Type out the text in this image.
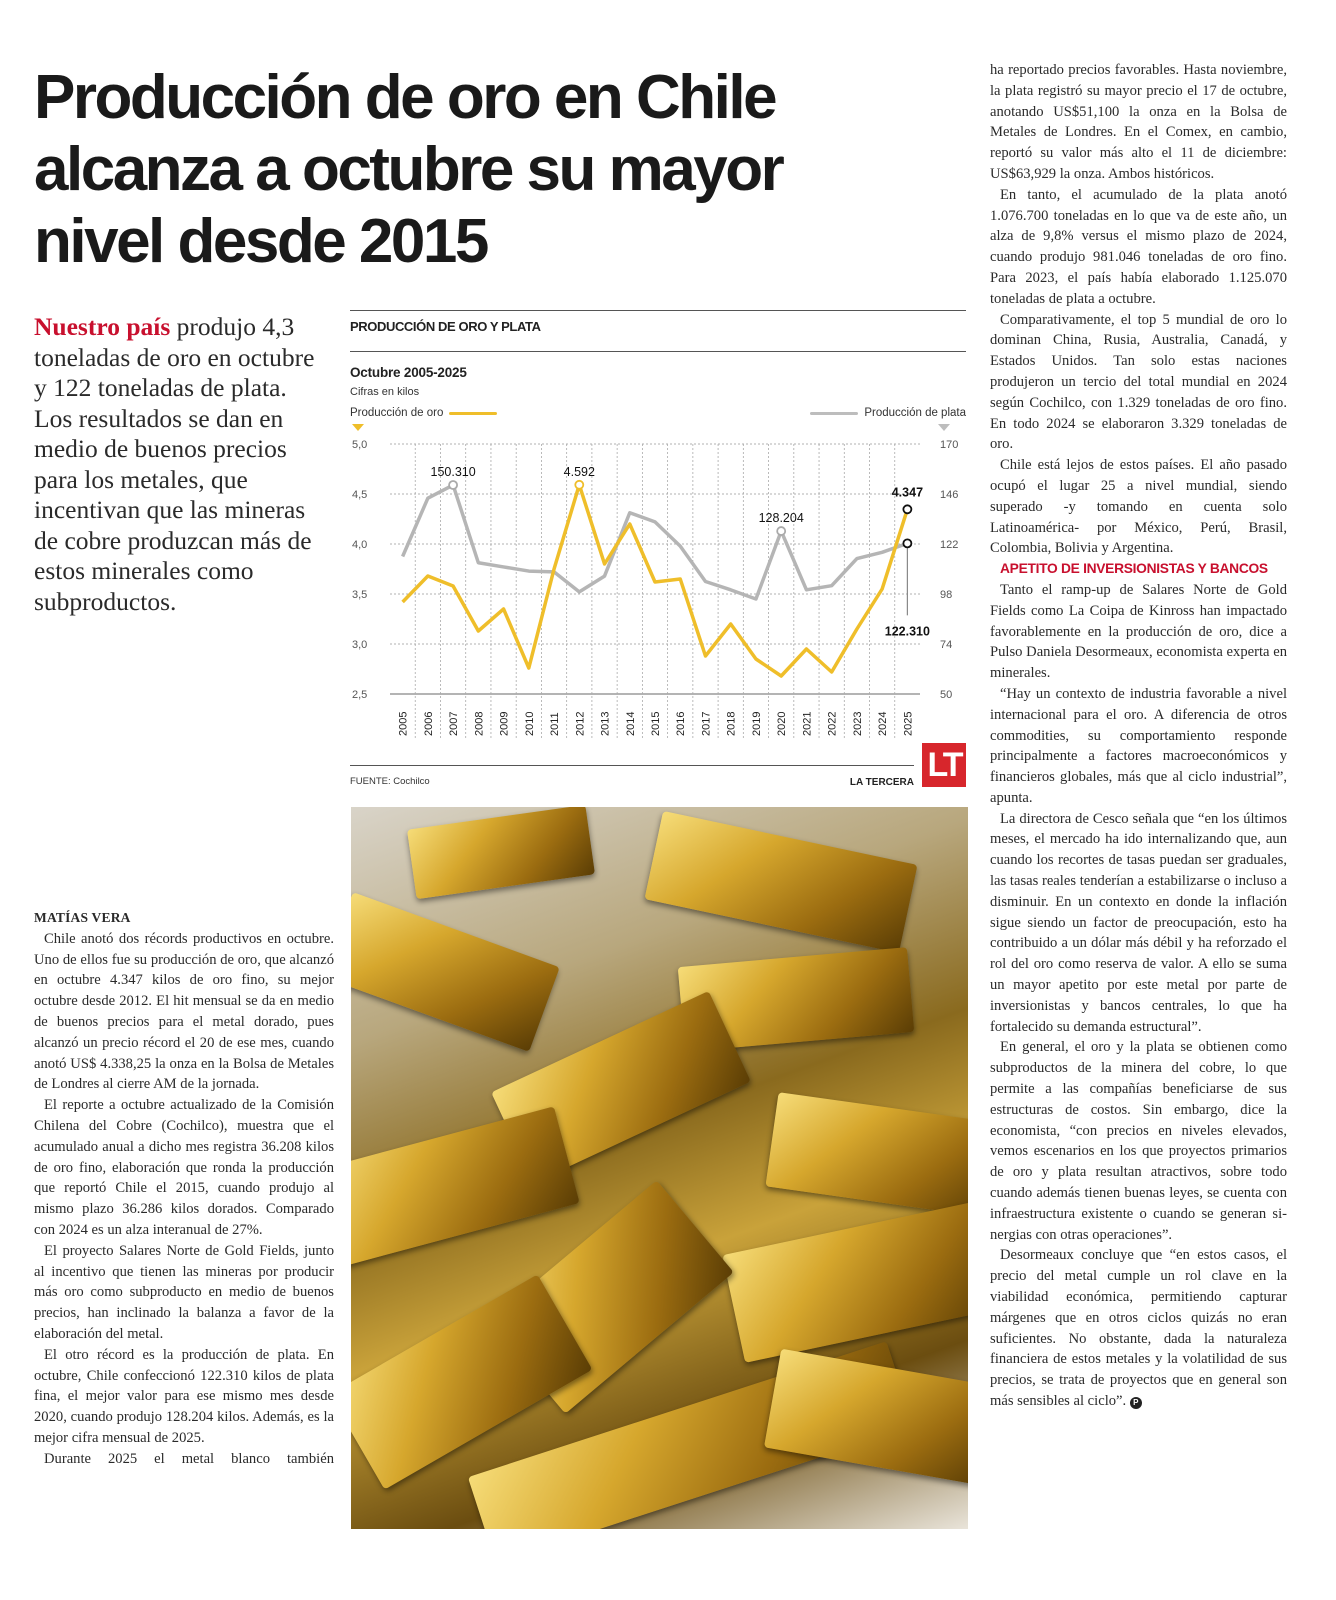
Producción de oro en Chile alcanza a octubre su mayor nivel desde 2015
Nuestro país produjo 4,3 toneladas de oro en octubre y 122 toneladas de plata. Los resultados se dan en medio de buenos precios para los metales, que incentivan que las mineras de cobre produzcan más de estos minerales como subproductos.
PRODUCCIÓN DE ORO Y PLATA
Octubre 2005-2025
Cifras en kilos
Producción de oro	Producción de plata
2,5	50
3,0	74
3,5	98
4,0	122
4,5	146
5,0	170
2005 2006 2007 2008 2009 2010 2011 2012 2013 2014 2015 2016 2017 2018 2019 2020 2021 2022 2023 2024 2025
150.310	4.592
128.204
4.347
122.310
FUENTE: Cochilco	LA TERCERA LT

MATÍAS VERA

Chile anotó dos récords productivos en octubre. Uno de ellos fue su producción de oro, que alcanzó en octubre 4.347 kilos de oro fino, su mejor octubre desde 2012. El hit mensual se da en medio de buenos precios para el metal dorado, pues alcanzó un precio récord el 20 de ese mes, cuando anotó US$ 4.338,25 la onza en la Bolsa de Metales de Londres al cierre AM de la jornada.

El reporte a octubre actualizado de la Comisión Chilena del Cobre (Cochilco), muestra que el acumulado anual a dicho mes registra 36.208 kilos de oro fino, elaboración que ronda la producción que reportó Chile el 2015, cuando produjo al mismo plazo 36.286 kilos dorados. Comparado con 2024 es un alza interanual de 27%.

El proyecto Salares Norte de Gold Fields, junto al incentivo que tienen las mineras por producir más oro como subproducto en medio de buenos precios, han inclinado la balanza a favor de la elaboración del metal.

El otro récord es la producción de plata. En octubre, Chile confeccionó 122.310 kilos de plata fina, el mejor valor para ese mismo mes desde 2020, cuando produjo 128.204 kilos. Además, es la mejor cifra mensual de 2025.

Durante 2025 el metal blanco también

ha reportado precios favorables. Hasta noviembre, la plata registró su mayor precio el 17 de octubre, anotando US$51,100 la onza en la Bolsa de Metales de Londres. En el Comex, en cambio, reportó su valor más alto el 11 de diciembre: US$63,929 la onza. Ambos históricos.

En tanto, el acumulado de la plata anotó 1.076.700 toneladas en lo que va de este año, un alza de 9,8% versus el mismo plazo de 2024, cuando produjo 981.046 toneladas de oro fino. Para 2023, el país había elaborado 1.125.070 toneladas de plata a octubre.

Comparativamente, el top 5 mundial de oro lo dominan China, Rusia, Australia, Canadá, y Estados Unidos. Tan solo estas naciones produjeron un tercio del total mundial en 2024 según Cochilco, con 1.329 toneladas de oro fino. En todo 2024 se elaboraron 3.329 toneladas de oro.

Chile está lejos de estos países. El año pasado ocupó el lugar 25 a nivel mundial, siendo superado -y tomando en cuenta solo Latinoamérica- por México, Perú, Brasil, Colombia, Bolivia y Argentina.

APETITO DE INVERSIONISTAS Y BANCOS

Tanto el ramp-up de Salares Norte de Gold Fields como La Coipa de Kinross han impactado favorablemente en la producción de oro, dice a Pulso Daniela Desormeaux, economista experta en minerales.

“Hay un contexto de industria favorable a nivel internacional para el oro. A diferencia de otros commodities, su comportamiento responde principalmente a factores macroeconómicos y financieros globales, más que al ciclo industrial”, apunta.

La directora de Cesco señala que “en los últimos meses, el mercado ha ido internalizando que, aun cuando los recortes de tasas puedan ser graduales, las tasas reales tenderían a estabilizarse o incluso a disminuir. En un contexto en donde la inflación sigue siendo un factor de preocupación, esto ha contribuido a un dólar más débil y ha reforzado el rol del oro como reserva de valor. A ello se suma un mayor apetito por este metal por parte de inversionistas y bancos centrales, lo que ha fortalecido su demanda estructural”.

En general, el oro y la plata se obtienen como subproductos de la minera del cobre, lo que permite a las compañías beneficiarse de sus estructuras de costos. Sin embargo, dice la economista, “con precios en niveles elevados, vemos escenarios en los que proyectos primarios de oro y plata resultan atractivos, sobre todo cuando además tienen buenas leyes, se cuenta con infraestructura existente o cuando se generan sinergias con otras operaciones”.

Desormeaux concluye que “en estos casos, el precio del metal cumple un rol clave en la viabilidad económica, permitiendo capturar márgenes que en otros ciclos quizás no eran suficientes. No obstante, dada la naturaleza financiera de estos metales y la volatilidad de sus precios, se trata de proyectos que en general son más sensibles al ciclo”. P
